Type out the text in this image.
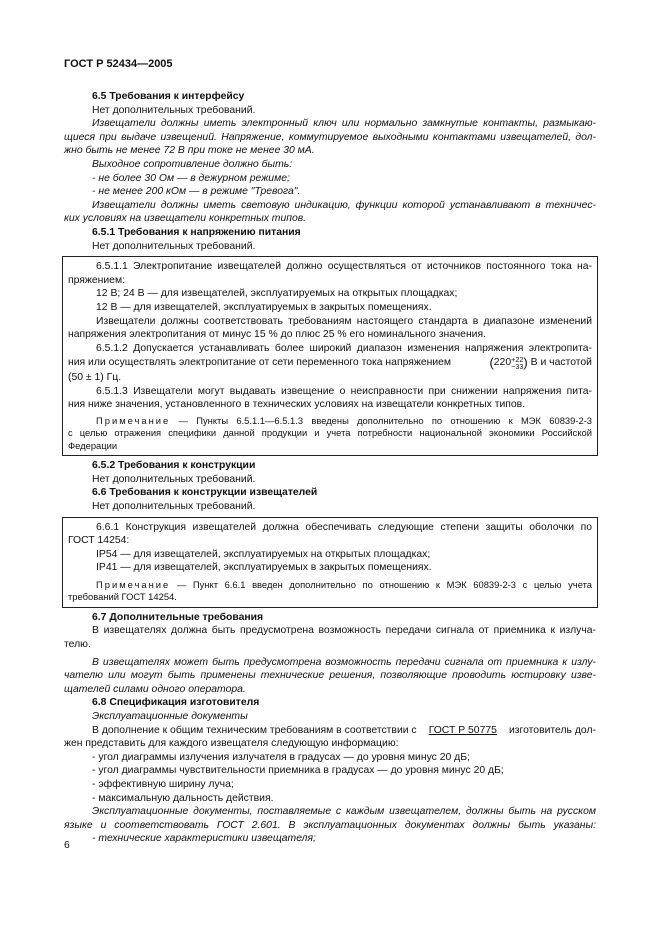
ГОСТ Р 52434—2005
6.5 Требования к интерфейсу
Нет дополнительных требований.
Извещатели должны иметь электронный ключ или нормально замкнутые контакты, размыкаю-
щиеся при выдаче извещений. Напряжение, коммутируемое выходными контактами извещателей, дол-
жно быть не менее 72 В при токе не менее 30 мА.
Выходное сопротивление должно быть:
- не более 30 Ом — в дежурном режиме;
- не менее 200 кОм — в режиме "Тревога".
Извещатели должны иметь световую индикацию, функции которой устанавливают в техничес-
ких условиях на извещатели конкретных типов.
6.5.1 Требования к напряжению питания
Нет дополнительных требований.
6.5.1.1 Электропитание извещателей должно осуществляться от источников постоянного тока на-
пряжением:
12 В; 24 В — для извещателей, эксплуатируемых на открытых площадках;
12 В — для извещателей, эксплуатируемых в закрытых помещениях.
Извещатели должны соответствовать требованиям настоящего стандарта в диапазоне изменений
напряжения электропитания от минус 15 % до плюс 25 % его номинального значения.
6.5.1.2 Допускается устанавливать более широкий диапазон изменения напряжения электропита-
ния или осуществлять электропитание от сети переменного тока напряжением	( 220 +22
−33 ) В и частотой
(50 ± 1) Гц.
6.5.1.3 Извещатели могут выдавать извещение о неисправности при снижении напряжения пита-
ния ниже значения, установленного в технических условиях на извещатели конкретных типов.
Примечание — Пункты 6.5.1.1—6.5.1.3 введены дополнительно по отношению к МЭК 60839-2-3
с целью отражения специфики данной продукции и учета потребности национальной экономики Российской
Федерации
6.5.2 Требования к конструкции
Нет дополнительных требований.
6.6 Требования к конструкции извещателей
Нет дополнительных требований.
6.6.1 Конструкция извещателей должна обеспечивать следующие степени защиты оболочки по
ГОСТ 14254:
IP54 — для извещателей, эксплуатируемых на открытых площадках;
IP41 — для извещателей, эксплуатируемых в закрытых помещениях.
Примечание — Пункт 6.6.1 введен дополнительно по отношению к МЭК 60839-2-3 с целью учета
требований ГОСТ 14254.
6.7 Дополнительные требования
В извещателях должна быть предусмотрена возможность передачи сигнала от приемника к излуча-
телю.
В извещателях может быть предусмотрена возможность передачи сигнала от приемника к излу-
чателю или могут быть применены технические решения, позволяющие проводить юстировку изве-
щателей силами одного оператора.
6.8 Спецификация изготовителя
Эксплуатационные документы
В дополнение к общим техническим требованиям в соответствии с ГОСТ Р 50775 изготовитель дол-
жен представить для каждого извещателя следующую информацию:
- угол диаграммы излучения излучателя в градусах — до уровня минус 20 дБ;
- угол диаграммы чувствительности приемника в градусах — до уровня минус 20 дБ;
- эффективную ширину луча;
- максимальную дальность действия.
Эксплуатационные документы, поставляемые с каждым извещателем, должны быть на русском
языке и соответствовать ГОСТ 2.601. В эксплуатационных документах должны быть указаны:
- технические характеристики извещателя;
6
